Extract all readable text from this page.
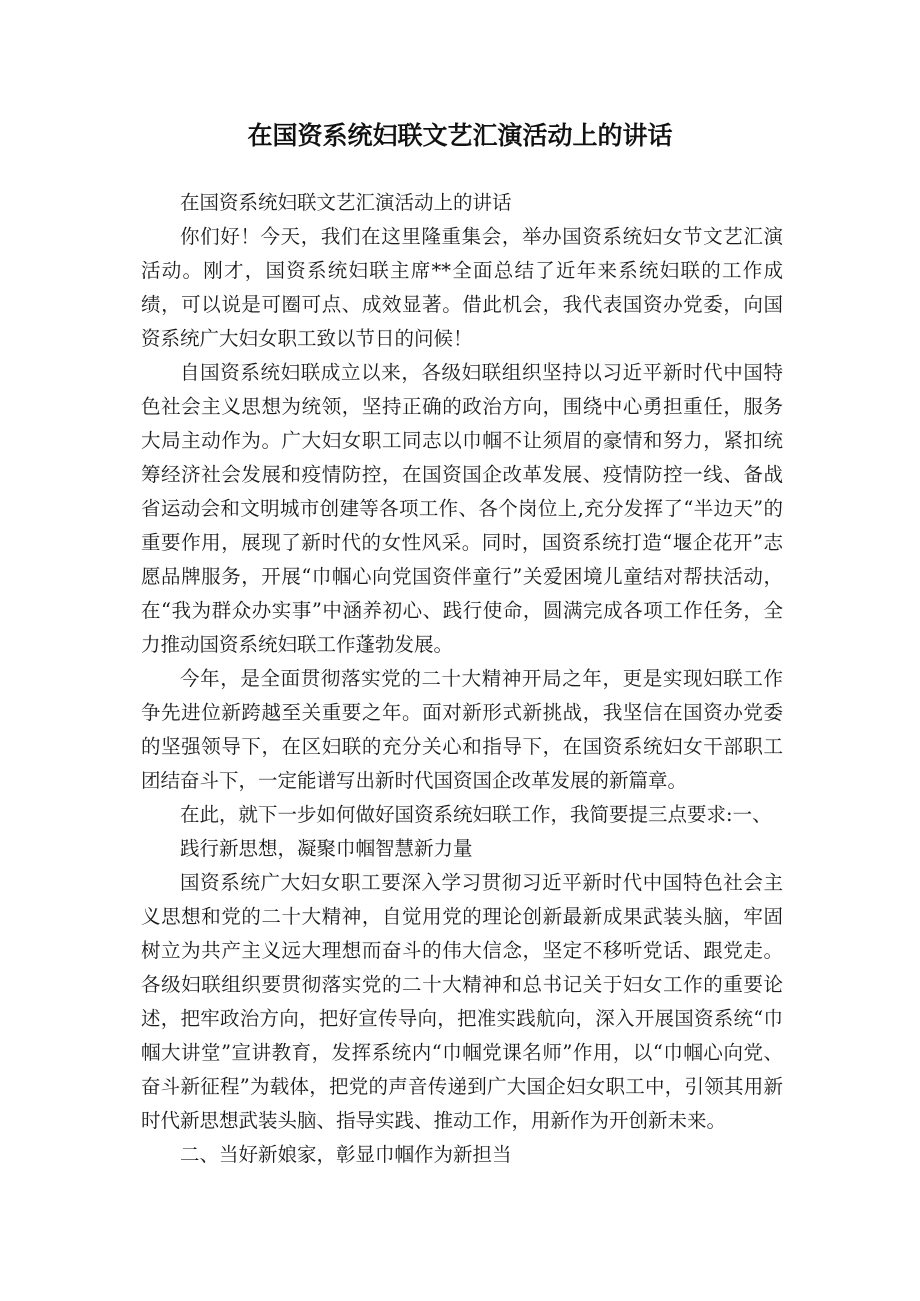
在国资系统妇联文艺汇演活动上的讲话

在国资系统妇联文艺汇演活动上的讲话

你们好！今天，我们在这里隆重集会，举办国资系统妇女节文艺汇演活动。刚才，国资系统妇联主席**全面总结了近年来系统妇联的工作成绩，可以说是可圈可点、成效显著。借此机会，我代表国资办党委，向国资系统广大妇女职工致以节日的问候！

自国资系统妇联成立以来，各级妇联组织坚持以习近平新时代中国特色社会主义思想为统领，坚持正确的政治方向，围绕中心勇担重任，服务大局主动作为。广大妇女职工同志以巾帼不让须眉的豪情和努力，紧扣统筹经济社会发展和疫情防控，在国资国企改革发展、疫情防控一线、备战省运动会和文明城市创建等各项工作、各个岗位上,充分发挥了“半边天”的重要作用，展现了新时代的女性风采。同时，国资系统打造“堰企花开”志愿品牌服务，开展“巾帼心向党国资伴童行”关爱困境儿童结对帮扶活动，在“我为群众办实事”中涵养初心、践行使命，圆满完成各项工作任务，全力推动国资系统妇联工作蓬勃发展。

今年，是全面贯彻落实党的二十大精神开局之年，更是实现妇联工作争先进位新跨越至关重要之年。面对新形式新挑战，我坚信在国资办党委的坚强领导下，在区妇联的充分关心和指导下，在国资系统妇女干部职工团结奋斗下，一定能谱写出新时代国资国企改革发展的新篇章。

在此，就下一步如何做好国资系统妇联工作，我简要提三点要求:一、

践行新思想，凝聚巾帼智慧新力量

国资系统广大妇女职工要深入学习贯彻习近平新时代中国特色社会主义思想和党的二十大精神，自觉用党的理论创新最新成果武装头脑，牢固树立为共产主义远大理想而奋斗的伟大信念，坚定不移听党话、跟党走。各级妇联组织要贯彻落实党的二十大精神和总书记关于妇女工作的重要论述，把牢政治方向，把好宣传导向，把准实践航向，深入开展国资系统“巾帼大讲堂”宣讲教育，发挥系统内“巾帼党课名师”作用，以“巾帼心向党、奋斗新征程”为载体，把党的声音传递到广大国企妇女职工中，引领其用新时代新思想武装头脑、指导实践、推动工作，用新作为开创新未来。

二、当好新娘家，彰显巾帼作为新担当
